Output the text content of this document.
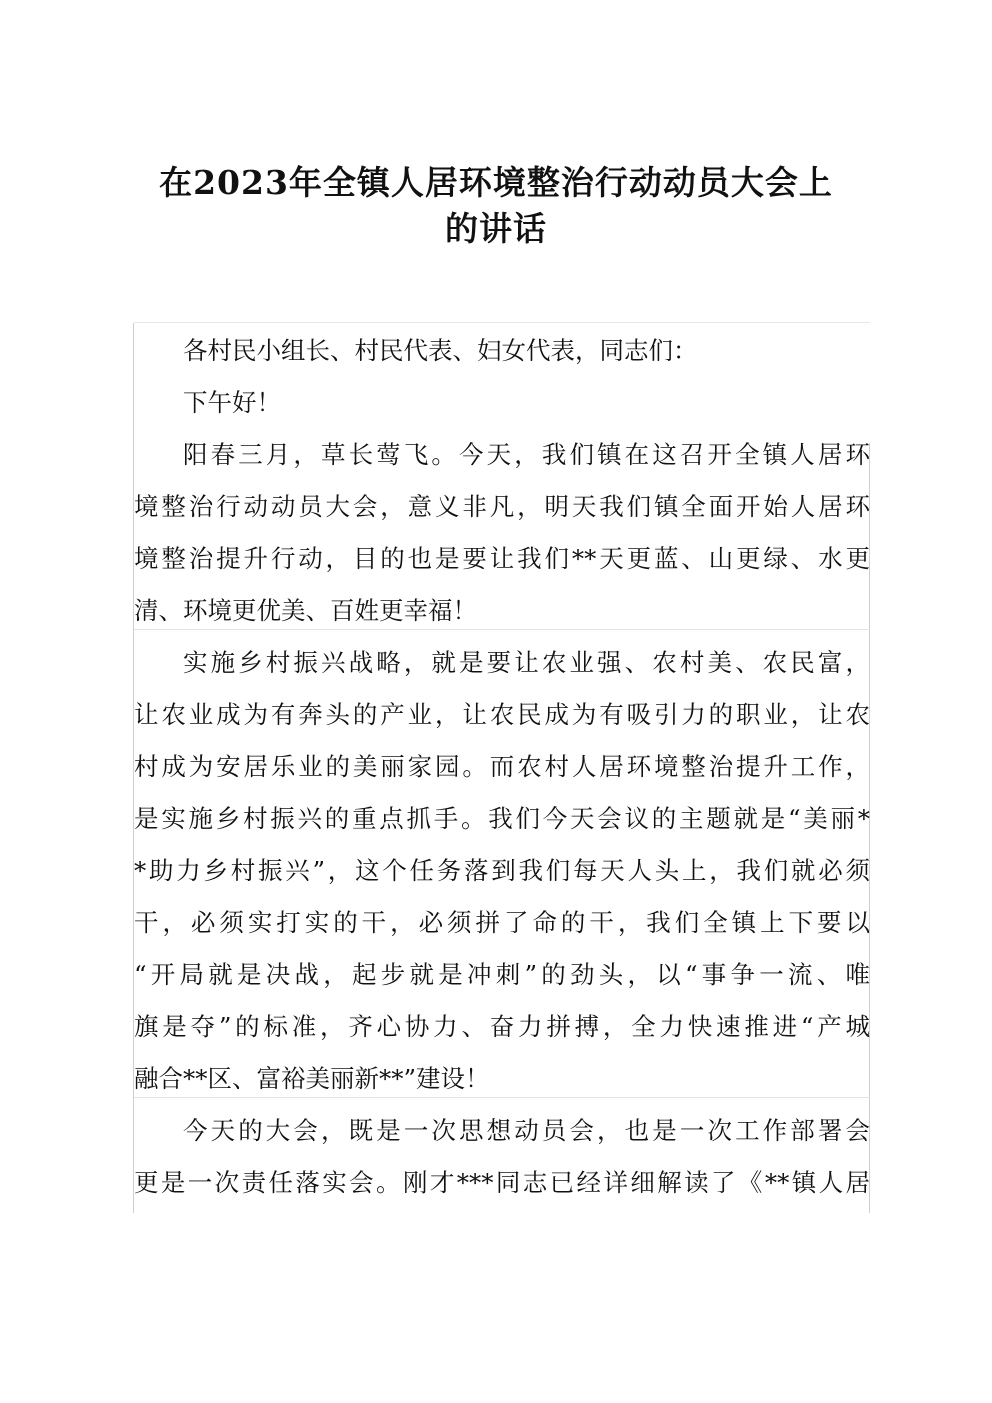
在2023年全镇人居环境整治行动动员大会上
的讲话
各村民小组长、村民代表、妇女代表，同志们：
下午好！
阳春三月，草长莺飞。今天，我们镇在这召开全镇人居环
境整治行动动员大会，意义非凡，明天我们镇全面开始人居环
境整治提升行动，目的也是要让我们**天更蓝、山更绿、水更
清、环境更优美、百姓更幸福！
实施乡村振兴战略，就是要让农业强、农村美、农民富，
让农业成为有奔头的产业，让农民成为有吸引力的职业，让农
村成为安居乐业的美丽家园。而农村人居环境整治提升工作，
是实施乡村振兴的重点抓手。我们今天会议的主题就是“美丽*
*助力乡村振兴”，这个任务落到我们每天人头上，我们就必须
干，必须实打实的干，必须拼了命的干，我们全镇上下要以
“开局就是决战，起步就是冲刺”的劲头，以“事争一流、唯
旗是夺”的标准，齐心协力、奋力拼搏，全力快速推进“产城
融合**区、富裕美丽新**”建设！
今天的大会，既是一次思想动员会，也是一次工作部署会
更是一次责任落实会。刚才***同志已经详细解读了《**镇人居
